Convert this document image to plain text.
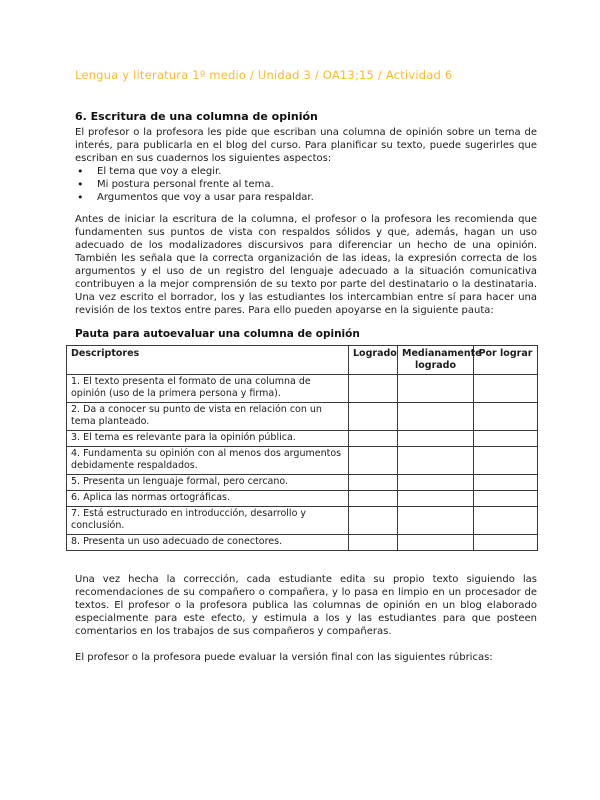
Lengua y literatura 1º medio / Unidad 3 / OA13;15 / Actividad 6
6. Escritura de una columna de opinión

El profesor o la profesora les pide que escriban una columna de opinión sobre un tema de interés, para publicarla en el blog del curso. Para planificar su texto, puede sugerirles que escriban en sus cuadernos los siguientes aspectos:

• El tema que voy a elegir.
• Mi postura personal frente al tema.
• Argumentos que voy a usar para respaldar.

Antes de iniciar la escritura de la columna, el profesor o la profesora les recomienda que fundamenten sus puntos de vista con respaldos sólidos y que, además, hagan un uso adecuado de los modalizadores discursivos para diferenciar un hecho de una opinión. También les señala que la correcta organización de las ideas, la expresión correcta de los argumentos y el uso de un registro del lenguaje adecuado a la situación comunicativa contribuyen a la mejor comprensión de su texto por parte del destinatario o la destinataria. Una vez escrito el borrador, los y las estudiantes los intercambian entre sí para hacer una revisión de los textos entre pares. Para ello pueden apoyarse en la siguiente pauta:

Pauta para autoevaluar una columna de opinión
Descriptores	Logrado	Medianamente logrado	Por lograr
1. El texto presenta el formato de una columna de opinión (uso de la primera persona y firma).			
2. Da a conocer su punto de vista en relación con un tema planteado.			
3. El tema es relevante para la opinión pública.			
4. Fundamenta su opinión con al menos dos argumentos debidamente respaldados.			
5. Presenta un lenguaje formal, pero cercano.			
6. Aplica las normas ortográficas.			
7. Está estructurado en introducción, desarrollo y conclusión.			
8. Presenta un uso adecuado de conectores.			

Una vez hecha la corrección, cada estudiante edita su propio texto siguiendo las recomendaciones de su compañero o compañera, y lo pasa en limpio en un procesador de textos. El profesor o la profesora publica las columnas de opinión en un blog elaborado especialmente para este efecto, y estimula a los y las estudiantes para que posteen comentarios en los trabajos de sus compañeros y compañeras.

El profesor o la profesora puede evaluar la versión final con las siguientes rúbricas:
